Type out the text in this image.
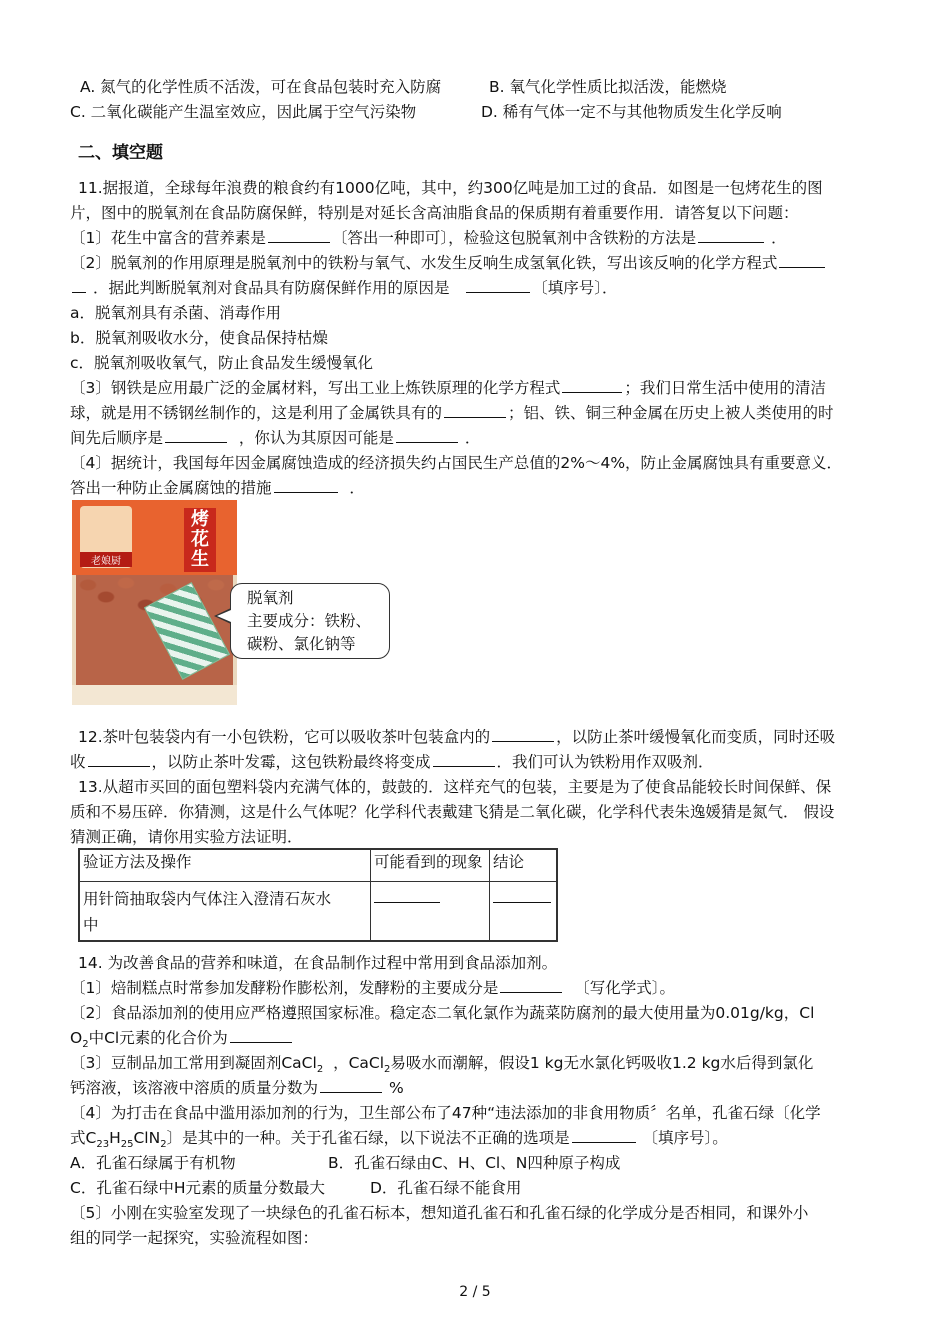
A. 氮气的化学性质不活泼，可在食品包装时充入防腐	B. 氧气化学性质比拟活泼，能燃烧
C. 二氧化碳能产生温室效应，因此属于空气污染物	D. 稀有气体一定不与其他物质发生化学反响
二、填空题
11.据报道，全球每年浪费的粮食约有1000亿吨，其中，约300亿吨是加工过的食品．如图是一包烤花生的图
片，图中的脱氧剂在食品防腐保鲜，特别是对延长含高油脂食品的保质期有着重要作用．请答复以下问题：
〔1〕花生中富含的营养素是	〔答出一种即可〕，检验这包脱氧剂中含铁粉的方法是	．
〔2〕脱氧剂的作用原理是脱氧剂中的铁粉与氧气、水发生反响生成氢氧化铁，写出该反响的化学方程式
．据此判断脱氧剂对食品具有防腐保鲜作用的原因是	〔填序号〕．
a．脱氧剂具有杀菌、消毒作用
b．脱氧剂吸收水分，使食品保持枯燥
c．脱氧剂吸收氧气，防止食品发生缓慢氧化
〔3〕钢铁是应用最广泛的金属材料，写出工业上炼铁原理的化学方程式	；我们日常生活中使用的清洁
球，就是用不锈钢丝制作的，这是利用了金属铁具有的	；铝、铁、铜三种金属在历史上被人类使用的时
间先后顺序是	，你认为其原因可能是	．
〔4〕据统计，我国每年因金属腐蚀造成的经济损失约占国民生产总值的2%～4%，防止金属腐蚀具有重要意义．
答出一种防止金属腐蚀的措施	．
老娘厨
烤花生
脱氧剂
主要成分：铁粉、
碳粉、氯化钠等
12.茶叶包装袋内有一小包铁粉，它可以吸收茶叶包装盒内的	，以防止茶叶缓慢氧化而变质，同时还吸
收	，以防止茶叶发霉，这包铁粉最终将变成	．我们可认为铁粉用作双吸剂．
13.从超市买回的面包塑料袋内充满气体的，鼓鼓的．这样充气的包装，主要是为了使食品能较长时间保鲜、保
质和不易压碎．你猜测，这是什么气体呢？化学科代表戴建飞猜是二氧化碳，化学科代表朱逸媛猜是氮气． 假设
猜测正确，请你用实验方法证明．
验证方法及操作	可能看到的现象	结论

用针筒抽取袋内气体注入澄清石灰水
中		

14. 为改善食品的营养和味道，在食品制作过程中常用到食品添加剂。
〔1〕焙制糕点时常参加发酵粉作膨松剂，发酵粉的主要成分是	〔写化学式〕。
〔2〕食品添加剂的使用应严格遵照国家标准。稳定态二氧化氯作为蔬菜防腐剂的最大使用量为0.01g/kg，Cl
$O_2$中Cl元素的化合价为
〔3〕豆制品加工常用到凝固剂CaCl$_2$ ，CaCl$_2$易吸水而潮解，假设1 kg无水氯化钙吸收1.2 kg水后得到氯化
钙溶液，该溶液中溶质的质量分数为	%
〔4〕为打击在食品中滥用添加剂的行为，卫生部公布了47种“违法添加的非食用物质〞名单，孔雀石绿〔化学
式$C_{23}H_{25}ClN_2$〕是其中的一种。关于孔雀石绿，以下说法不正确的选项是	〔填序号〕。
A．孔雀石绿属于有机物	B．孔雀石绿由C、H、Cl、N四种原子构成
C．孔雀石绿中H元素的质量分数最大	D．孔雀石绿不能食用
〔5〕小刚在实验室发现了一块绿色的孔雀石标本，想知道孔雀石和孔雀石绿的化学成分是否相同，和课外小
组的同学一起探究，实验流程如图：
2 / 5
